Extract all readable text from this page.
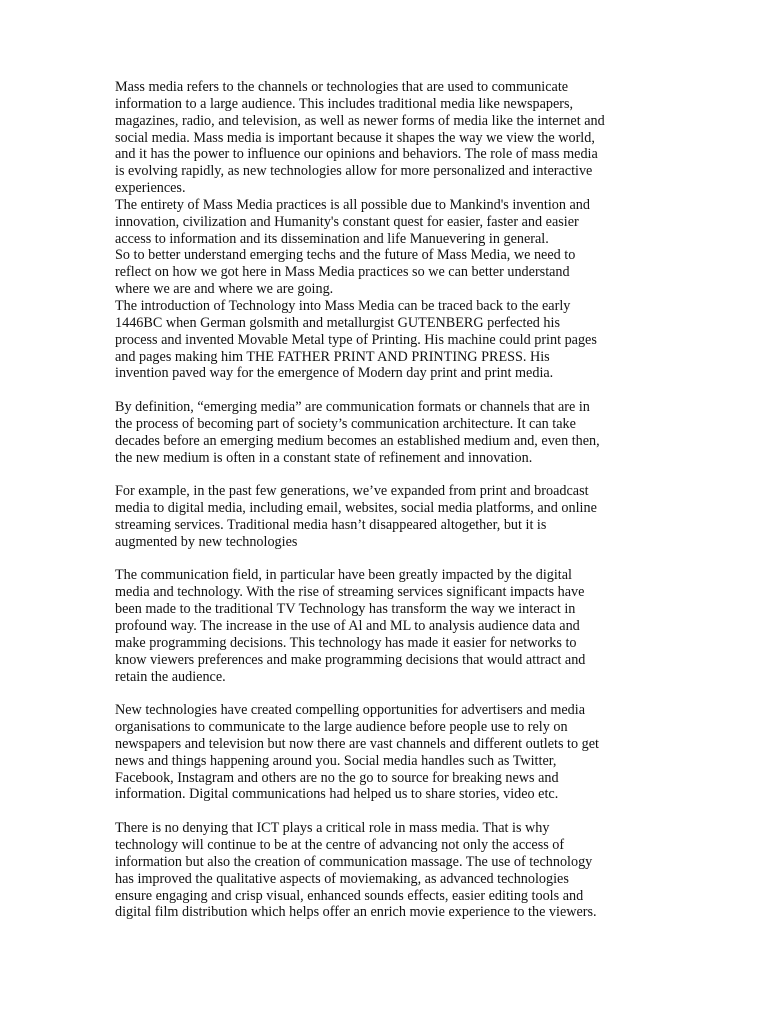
Mass media refers to the channels or technologies that are used to communicate
information to a large audience. This includes traditional media like newspapers,
magazines, radio, and television, as well as newer forms of media like the internet and
social media. Mass media is important because it shapes the way we view the world,
and it has the power to influence our opinions and behaviors. The role of mass media
is evolving rapidly, as new technologies allow for more personalized and interactive
experiences.

The entirety of Mass Media practices is all possible due to Mankind's invention and
innovation, civilization and Humanity's constant quest for easier, faster and easier
access to information and its dissemination and life Manuevering in general.

So to better understand emerging techs and the future of Mass Media, we need to
reflect on how we got here in Mass Media practices so we can better understand
where we are and where we are going.

The introduction of Technology into Mass Media can be traced back to the early
1446BC when German golsmith and metallurgist GUTENBERG perfected his
process and invented Movable Metal type of Printing. His machine could print pages
and pages making him THE FATHER PRINT AND PRINTING PRESS. His
invention paved way for the emergence of Modern day print and print media.

By definition, “emerging media” are communication formats or channels that are in
the process of becoming part of society’s communication architecture. It can take
decades before an emerging medium becomes an established medium and, even then,
the new medium is often in a constant state of refinement and innovation.

For example, in the past few generations, we’ve expanded from print and broadcast
media to digital media, including email, websites, social media platforms, and online
streaming services. Traditional media hasn’t disappeared altogether, but it is
augmented by new technologies

The communication field, in particular have been greatly impacted by the digital
media and technology. With the rise of streaming services significant impacts have
been made to the traditional TV Technology has transform the way we interact in
profound way. The increase in the use of Al and ML to analysis audience data and
make programming decisions. This technology has made it easier for networks to
know viewers preferences and make programming decisions that would attract and
retain the audience.

New technologies have created compelling opportunities for advertisers and media
organisations to communicate to the large audience before people use to rely on
newspapers and television but now there are vast channels and different outlets to get
news and things happening around you. Social media handles such as Twitter,
Facebook, Instagram and others are no the go to source for breaking news and
information. Digital communications had helped us to share stories, video etc.

There is no denying that ICT plays a critical role in mass media. That is why
technology will continue to be at the centre of advancing not only the access of
information but also the creation of communication massage. The use of technology
has improved the qualitative aspects of moviemaking, as advanced technologies
ensure engaging and crisp visual, enhanced sounds effects, easier editing tools and
digital film distribution which helps offer an enrich movie experience to the viewers.
